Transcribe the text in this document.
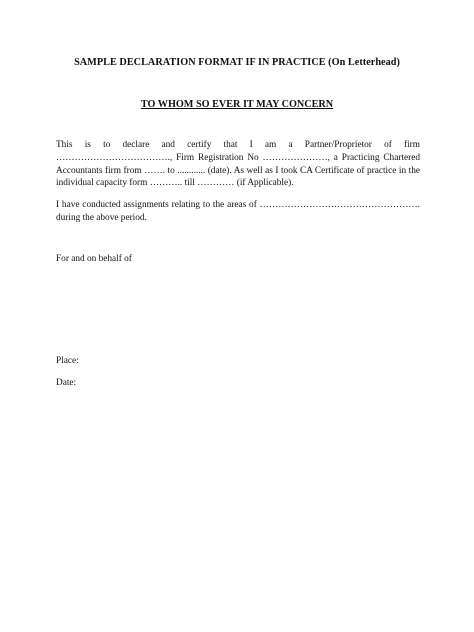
SAMPLE DECLARATION FORMAT IF IN PRACTICE (On Letterhead)
TO WHOM SO EVER IT MAY CONCERN
This is to declare and certify that I am a Partner/Proprietor of firm ………………………………., Firm Registration No …………………, a Practicing Chartered Accountants firm from ……. to ............ (date). As well as I took CA Certificate of practice in the individual capacity form ……….. till ………… (if Applicable).
I have conducted assignments relating to the areas of ……………………………………………. during the above period.
For and on behalf of
Place:
Date:
